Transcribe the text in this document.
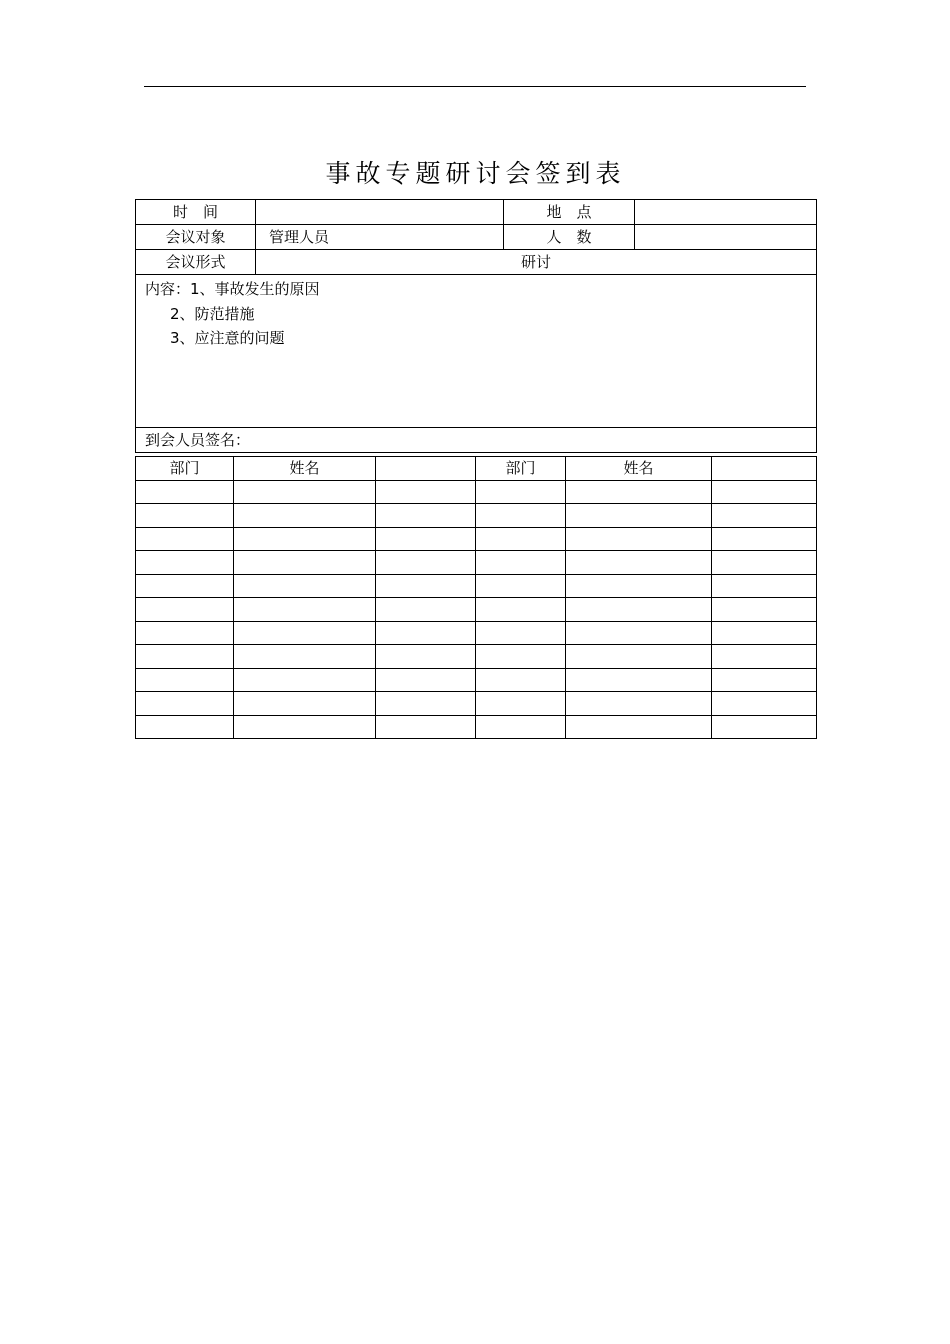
事故专题研讨会签到表
时　间		地　点	
会议对象	管理人员	人　数	
会议形式	研讨		

内容：1、事故发生的原因
2、防范措施
3、应注意的问题			

到会人员签名：			
部门	姓名		部门	姓名	
